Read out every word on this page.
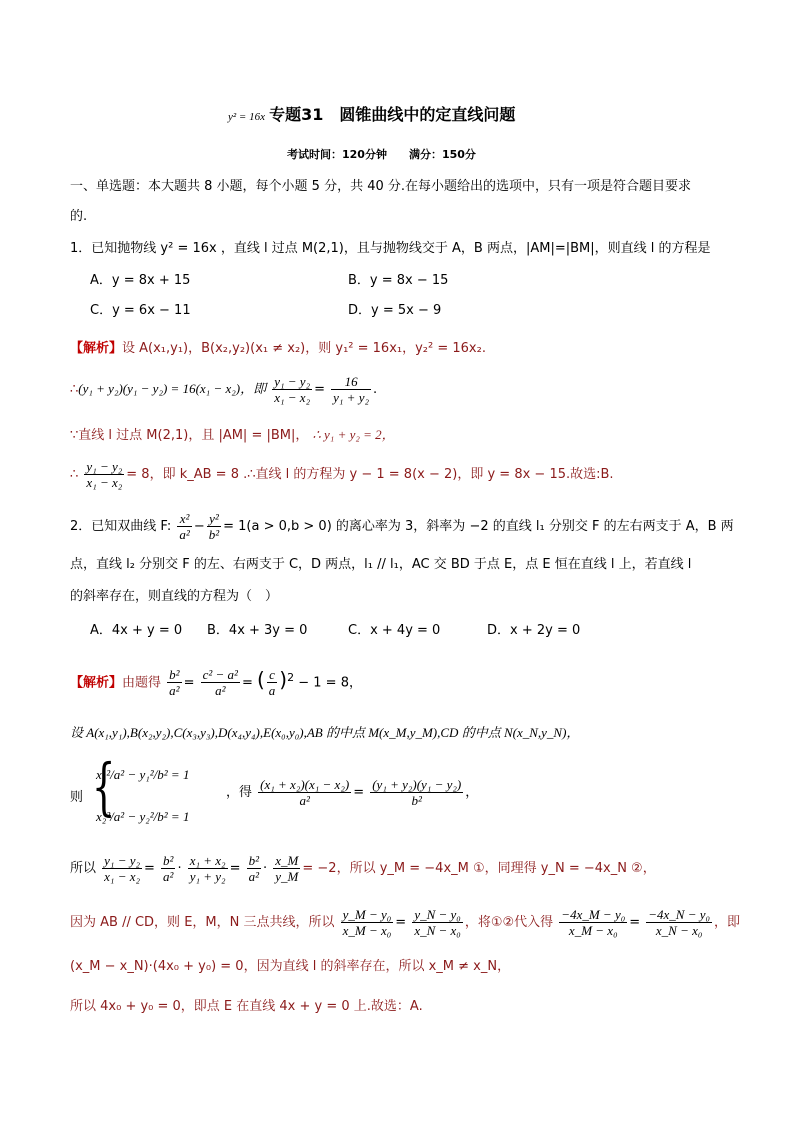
y² = 16x 专题31　圆锥曲线中的定直线问题
考试时间：120分钟　　满分：150分
一、单选题：本大题共 8 小题，每个小题 5 分，共 40 分.在每小题给出的选项中，只有一项是符合题目要求
的.
1．已知抛物线 y² = 16x ，直线 l 过点 M(2,1)，且与抛物线交于 A，B 两点，|AM|=|BM|，则直线 l 的方程是
A．y = 8x + 15	B．y = 8x − 15
C．y = 6x − 11	D．y = 5x − 9
【解析】设 A(x₁,y₁)，B(x₂,y₂)(x₁ ≠ x₂)，则 y₁² = 16x₁，y₂² = 16x₂.
∴(y₁ + y₂)(y₁ − y₂) = 16(x₁ − x₂)，即 $\frac{\text{y₁ − y₂}}{\text{x₁ − x₂}} = \frac{16}{\text{y₁ + y₂}}$ .
∵直线 l 过点 M(2,1)，且 |AM| = |BM|， ∴ y₁ + y₂ = 2，
∴ $\frac{\text{y₁ − y₂}}{\text{x₁ − x₂}} = 8$，即 k_AB = 8 .∴直线 l 的方程为 y − 1 = 8(x − 2)，即 y = 8x − 15.故选:B.
2．已知双曲线 F: $\frac{\text{x²}}{\text{a²}} - \frac{\text{y²}}{\text{b²}} = 1(a > 0,b > 0)$ 的离心率为 3，斜率为 −2 的直线 l₁ 分别交 F 的左右两支于 A，B 两
点，直线 l₂ 分别交 F 的左、右两支于 C，D 两点，l₁ // l₁，AC 交 BD 于点 E，点 E 恒在直线 l 上，若直线 l
的斜率存在，则直线的方程为（　）
A．4x + y = 0 B．4x + 3y = 0	C．x + 4y = 0	D．x + 2y = 0
【解析】由题得 $\frac{\text{b²}}{\text{a²}} = \frac{\text{c² − a²}}{\text{a²}}$ = ( $\frac{c}{a} )^2 - 1 = 8$，
设 A(x₁,y₁),B(x₂,y₂),C(x₃,y₃),D(x₄,y₄),E(x₀,y₀),AB 的中点 M(x_M,y_M),CD 的中点 N(x_N,y_N)，
则 {
x₁²/a² − y₁²/b² = 1
x₂²/a² − y₂²/b² = 1
，得 $\frac{\text{(x₁ + x₂)(x₁ − x₂)}}{\text{a²}} = \frac{\text{(y₁ + y₂)(y₁ − y₂)}}{\text{b²}}$ ，
所以 $\frac{\text{y₁ − y₂}}{\text{x₁ − x₂}} = \frac{\text{b²}}{\text{a²}} \cdot \frac{\text{x₁ + x₂}}{\text{y₁ + y₂}} = \frac{\text{b²}}{\text{a²}} \cdot \frac{x\_M}{y\_M} = -2$，所以 y_M = −4x_M ①，同理得 y_N = −4x_N ②，
因为 AB // CD，则 E，M，N 三点共线，所以 $\frac{\text{y\_M − y₀}}{\text{x\_M − x₀}} = \frac{\text{y\_N − y₀}}{\text{x\_N − x₀}}$ ，将①②代入得 $\frac{\text{−4x\_M − y₀}}{\text{x\_M − x₀}} = \frac{\text{−4x\_N − y₀}}{\text{x\_N − x₀}}$ ，即
(x_M − x_N)·(4x₀ + y₀) = 0，因为直线 l 的斜率存在，所以 x_M ≠ x_N，
所以 4x₀ + y₀ = 0，即点 E 在直线 4x + y = 0 上.故选：A.
